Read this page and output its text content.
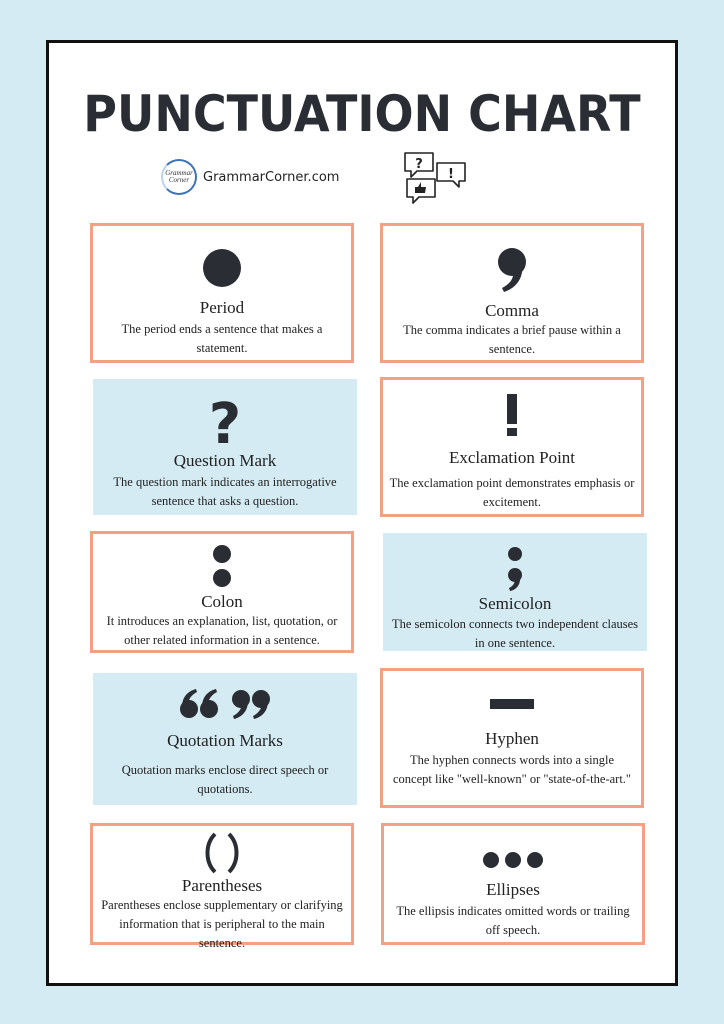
PUNCTUATION CHART
Grammar Corner	GrammarCorner.com
?
!
Period
The period ends a sentence that makes a statement.
Comma
The comma indicates a brief pause within a sentence.
?
Question Mark
The question mark indicates an interrogative sentence that asks a question.
Exclamation Point
The exclamation point demonstrates emphasis or excitement.
Colon
It introduces an explanation, list, quotation, or other related information in a sentence.
Semicolon
The semicolon connects two independent clauses in one sentence.
Quotation Marks
Quotation marks enclose direct speech or quotations.
Hyphen
The hyphen connects words into a single concept like "well-known" or "state-of-the-art."
Parentheses
Parentheses enclose supplementary or clarifying information that is peripheral to the main sentence.
Ellipses
The ellipsis indicates omitted words or trailing off speech.
